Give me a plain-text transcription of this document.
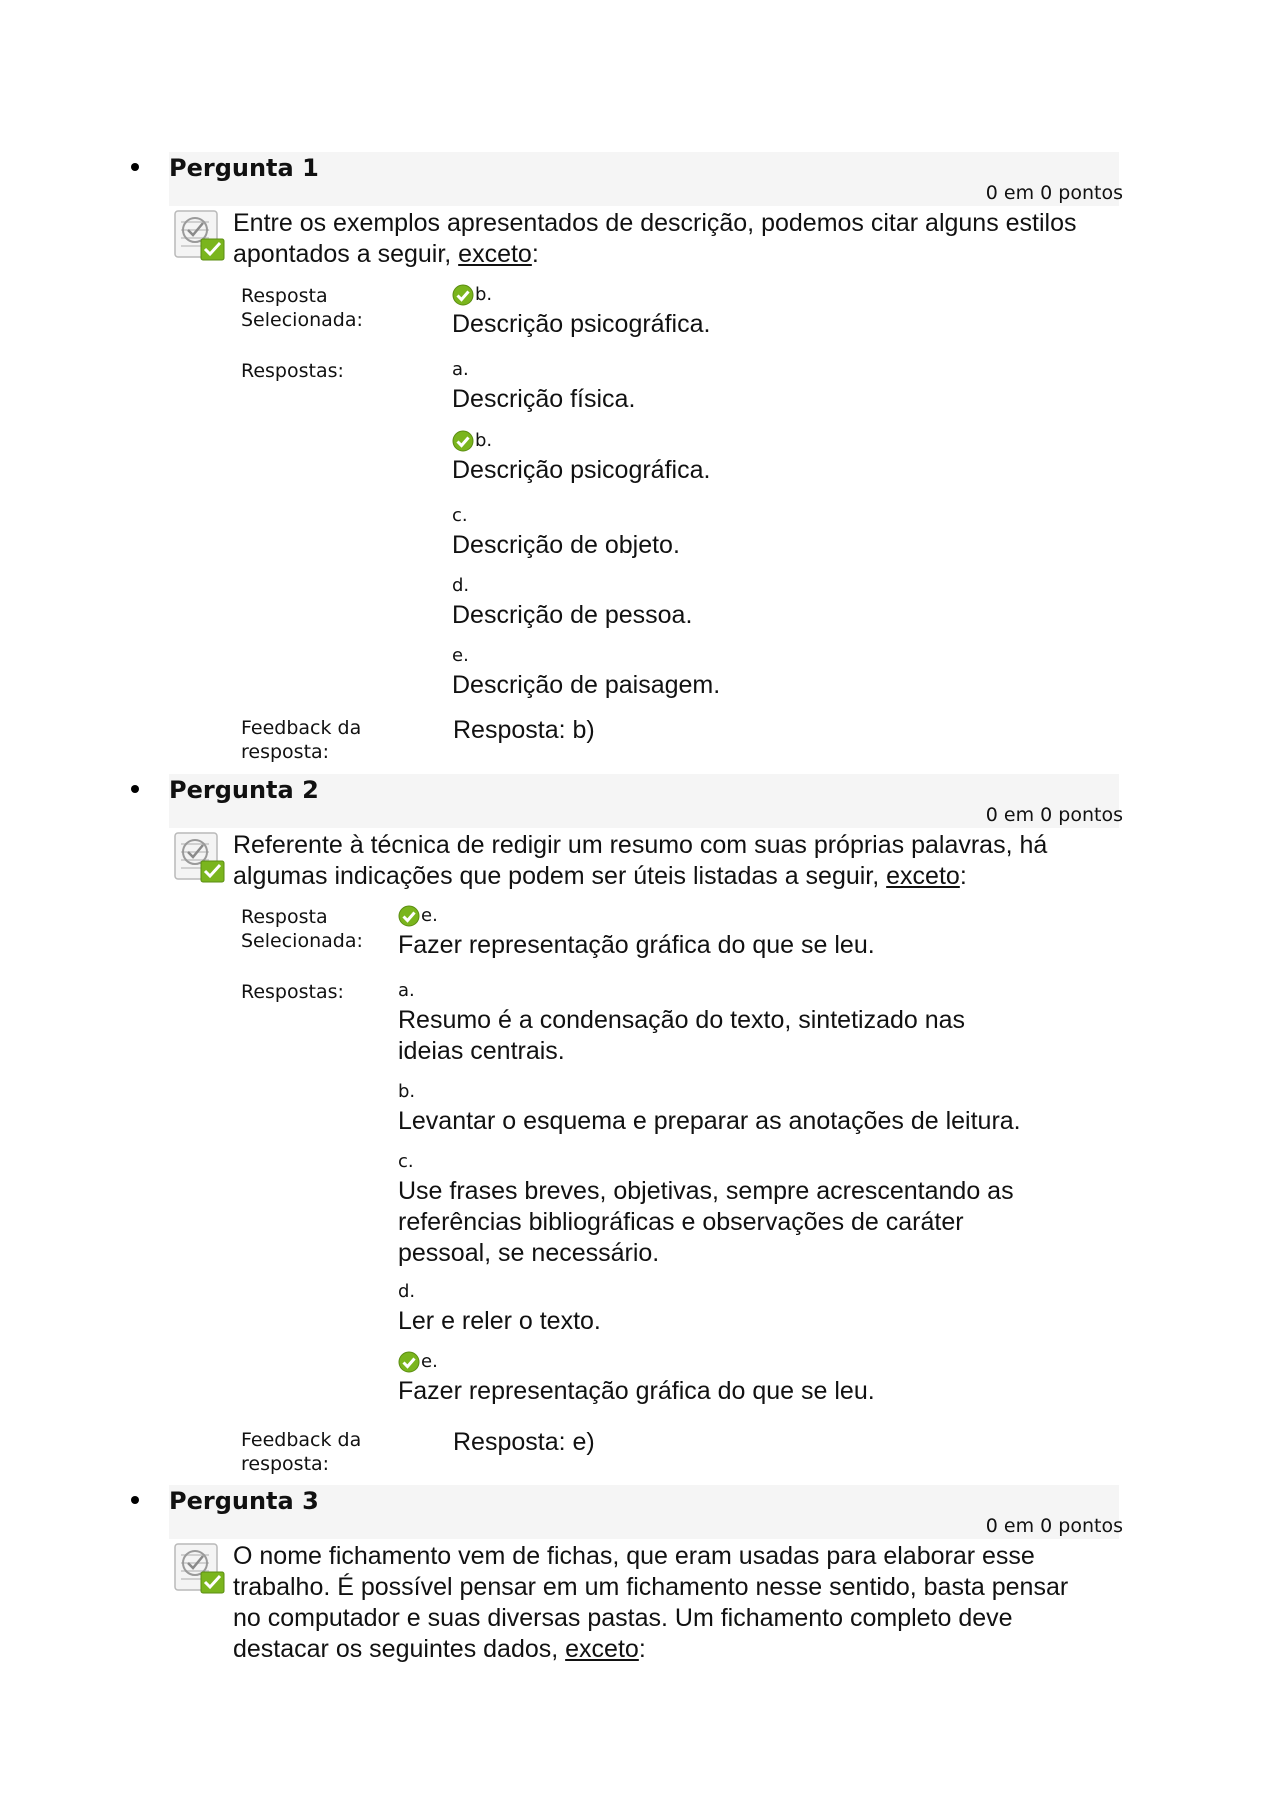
Pergunta 1
0 em 0 pontos
Entre os exemplos apresentados de descrição, podemos citar alguns estilos apontados a seguir, exceto:
Resposta Selecionada:
b.
Descrição psicográfica.
Respostas:	a.
Descrição física.
b.
Descrição psicográfica.
c.
Descrição de objeto.
d.
Descrição de pessoa.
e.
Descrição de paisagem.
Feedback da resposta:
Resposta: b)
Pergunta 2
0 em 0 pontos
Referente à técnica de redigir um resumo com suas próprias palavras, há algumas indicações que podem ser úteis listadas a seguir, exceto:
Resposta Selecionada:
e.
Fazer representação gráfica do que se leu.
Respostas:	a.
Resumo é a condensação do texto, sintetizado nas ideias centrais.
b.
Levantar o esquema e preparar as anotações de leitura.
c.
Use frases breves, objetivas, sempre acrescentando as referências bibliográficas e observações de caráter pessoal, se necessário.
d.
Ler e reler o texto.
e.
Fazer representação gráfica do que se leu.
Feedback da resposta:
Resposta: e)
Pergunta 3
0 em 0 pontos
O nome fichamento vem de fichas, que eram usadas para elaborar esse trabalho. É possível pensar em um fichamento nesse sentido, basta pensar no computador e suas diversas pastas. Um fichamento completo deve destacar os seguintes dados, exceto:
